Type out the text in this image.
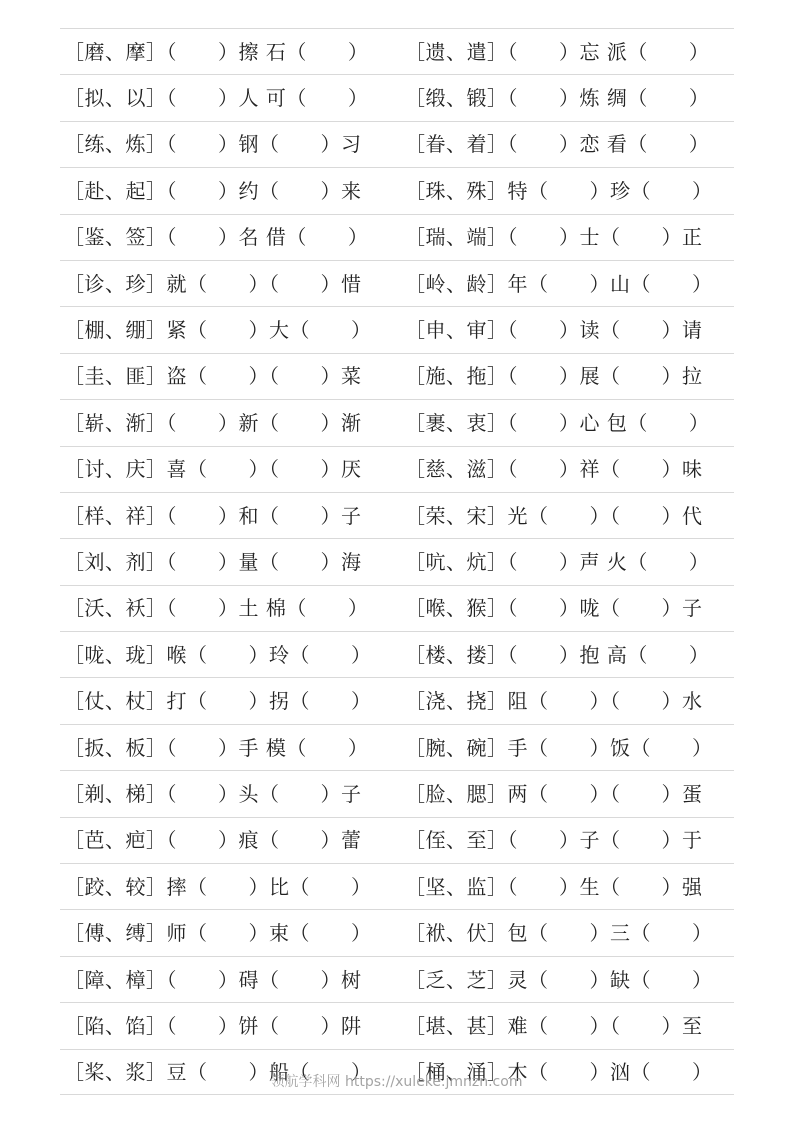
［磨、摩］（　　）擦 石（　　）	［遗、遣］（　　）忘 派（　　）
［拟、以］（　　）人 可（　　）	［缎、锻］（　　）炼 绸（　　）
［练、炼］（　　）钢（　　）习	［眷、着］（　　）恋 看（　　）
［赴、起］（　　）约（　　）来	［珠、殊］特（　　）珍（　　）
［鉴、签］（　　）名 借（　　）	［瑞、端］（　　）士（　　）正
［诊、珍］就（　　）（　　）惜	［岭、龄］年（　　）山（　　）
［棚、绷］紧（　　）大（　　）	［申、审］（　　）读（　　）请
［圭、匪］盗（　　）（　　）菜	［施、拖］（　　）展（　　）拉
［崭、渐］（　　）新（　　）渐	［裹、衷］（　　）心 包（　　）
［讨、庆］喜（　　）（　　）厌	［慈、滋］（　　）祥（　　）味
［样、祥］（　　）和（　　）子	［荣、宋］光（　　）（　　）代
［刘、剂］（　　）量（　　）海	［吭、炕］（　　）声 火（　　）
［沃、袄］（　　）土 棉（　　）	［喉、猴］（　　）咙（　　）子
［咙、珑］喉（　　）玲（　　）	［楼、搂］（　　）抱 高（　　）
［仗、杖］打（　　）拐（　　）	［浇、挠］阻（　　）（　　）水
［扳、板］（　　）手 模（　　）	［腕、碗］手（　　）饭（　　）
［剃、梯］（　　）头（　　）子	［脸、腮］两（　　）（　　）蛋
［芭、疤］（　　）痕（　　）蕾	［侄、至］（　　）子（　　）于
［跤、较］摔（　　）比（　　）	［坚、监］（　　）生（　　）强
［傅、缚］师（　　）束（　　）	［袱、伏］包（　　）三（　　）
［障、樟］（　　）碍（　　）树	［乏、芝］灵（　　）缺（　　）
［陷、馅］（　　）饼（　　）阱	［堪、甚］难（　　）（　　）至
［桨、浆］豆（　　）船（　　）	［桶、涌］木（　　）汹（　　）
领航学科网 https://xuleke.jmnzn.com
